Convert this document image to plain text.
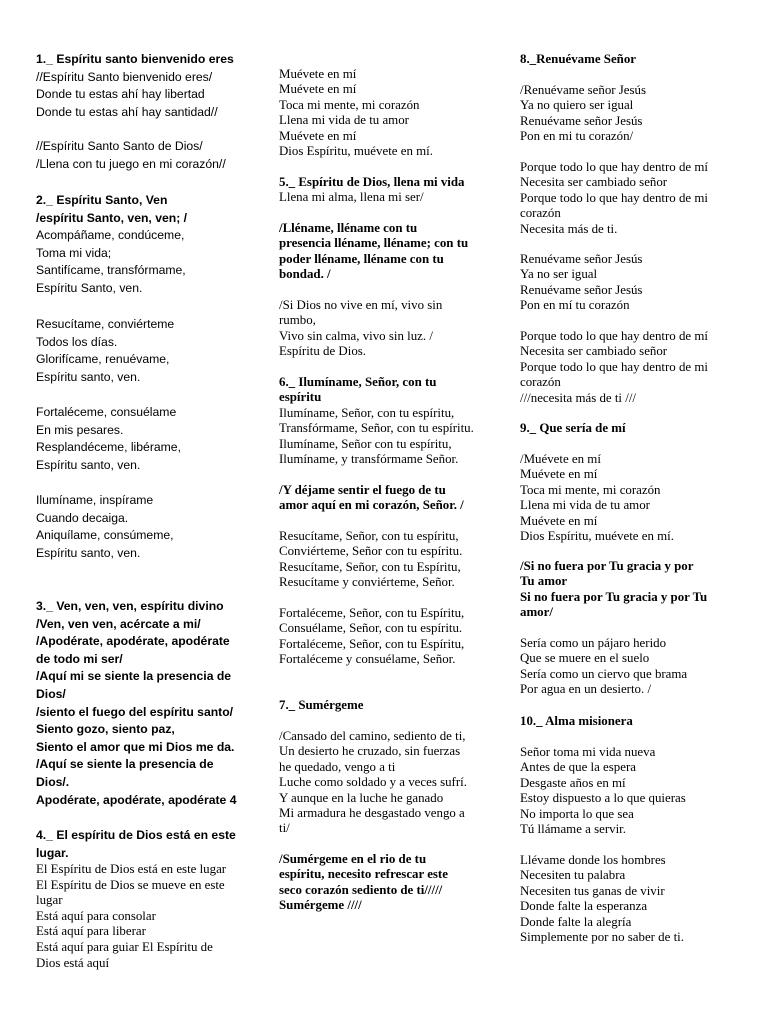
1._ Espíritu santo bienvenido eres
//Espíritu Santo bienvenido eres/
Donde tu estas ahí hay libertad
Donde tu estas ahí hay santidad//
//Espíritu Santo Santo de Dios/
/Llena con tu juego en mi corazón//
2._ Espíritu Santo, Ven
/espíritu Santo, ven, ven; /
Acompáñame, condúceme,
Toma mi vida;
Santifícame, transfórmame,
Espíritu Santo, ven.
Resucítame, conviérteme
Todos los días.
Glorifícame, renuévame,
Espíritu santo, ven.
Fortaléceme, consuélame
En mis pesares.
Resplandéceme, libérame,
Espíritu santo, ven.
Ilumíname, inspírame
Cuando decaiga.
Aniquílame, consúmeme,
Espíritu santo, ven.
3._ Ven, ven, ven, espíritu divino
/Ven, ven ven, acércate a mi/
/Apodérate, apodérate, apodérate
de todo mi ser/
/Aquí mi se siente la presencia de
Dios/
/siento el fuego del espíritu santo/
Siento gozo, siento paz,
Siento el amor que mi Dios me da.
/Aquí se siente la presencia de
Dios/.
Apodérate, apodérate, apodérate 4
4._ El espíritu de Dios está en este
lugar.
El Espíritu de Dios está en este lugar
El Espíritu de Dios se mueve en este
lugar
Está aquí para consolar
Está aquí para liberar
Está aquí para guiar El Espíritu de
Dios está aquí
Muévete en mí
Muévete en mí
Toca mi mente, mi corazón
Llena mi vida de tu amor
Muévete en mí
Dios Espíritu, muévete en mí.
5._ Espíritu de Dios, llena mi vida
Llena mi alma, llena mi ser/
/Lléname, lléname con tu
presencia lléname, lléname; con tu
poder lléname, lléname con tu
bondad. /
/Si Dios no vive en mí, vivo sin
rumbo,
Vivo sin calma, vivo sin luz. /
Espíritu de Dios.
6._ Ilumíname, Señor, con tu
espíritu
Ilumíname, Señor, con tu espíritu,
Transfórmame, Señor, con tu espíritu.
Ilumíname, Señor con tu espíritu,
Ilumíname, y transfórmame Señor.
/Y déjame sentir el fuego de tu
amor aquí en mi corazón, Señor. /
Resucítame, Señor, con tu espíritu,
Conviérteme, Señor con tu espíritu.
Resucítame, Señor, con tu Espíritu,
Resucítame y conviérteme, Señor.
Fortaléceme, Señor, con tu Espíritu,
Consuélame, Señor, con tu espíritu.
Fortaléceme, Señor, con tu Espíritu,
Fortaléceme y consuélame, Señor.
7._ Sumérgeme
/Cansado del camino, sediento de ti,
Un desierto he cruzado, sin fuerzas
he quedado, vengo a ti
Luche como soldado y a veces sufrí.
Y aunque en la luche he ganado
Mi armadura he desgastado vengo a
ti/
/Sumérgeme en el rio de tu
espíritu, necesito refrescar este
seco corazón sediento de ti/////
Sumérgeme ////
8._Renuévame Señor
/Renuévame señor Jesús
Ya no quiero ser igual
Renuévame señor Jesús
Pon en mi tu corazón/
Porque todo lo que hay dentro de mí
Necesita ser cambiado señor
Porque todo lo que hay dentro de mi
corazón
Necesita más de ti.
Renuévame señor Jesús
Ya no ser igual
Renuévame señor Jesús
Pon en mí tu corazón
Porque todo lo que hay dentro de mí
Necesita ser cambiado señor
Porque todo lo que hay dentro de mi
corazón
///necesita más de ti ///
9._ Que sería de mí
/Muévete en mí
Muévete en mí
Toca mi mente, mi corazón
Llena mi vida de tu amor
Muévete en mí
Dios Espíritu, muévete en mí.
/Si no fuera por Tu gracia y por
Tu amor
Si no fuera por Tu gracia y por Tu
amor/
Sería como un pájaro herido
Que se muere en el suelo
Sería como un ciervo que brama
Por agua en un desierto. /
10._ Alma misionera
Señor toma mi vida nueva
Antes de que la espera
Desgaste años en mí
Estoy dispuesto a lo que quieras
No importa lo que sea
Tú llámame a servir.
Llévame donde los hombres
Necesiten tu palabra
Necesiten tus ganas de vivir
Donde falte la esperanza
Donde falte la alegría
Simplemente por no saber de ti.
